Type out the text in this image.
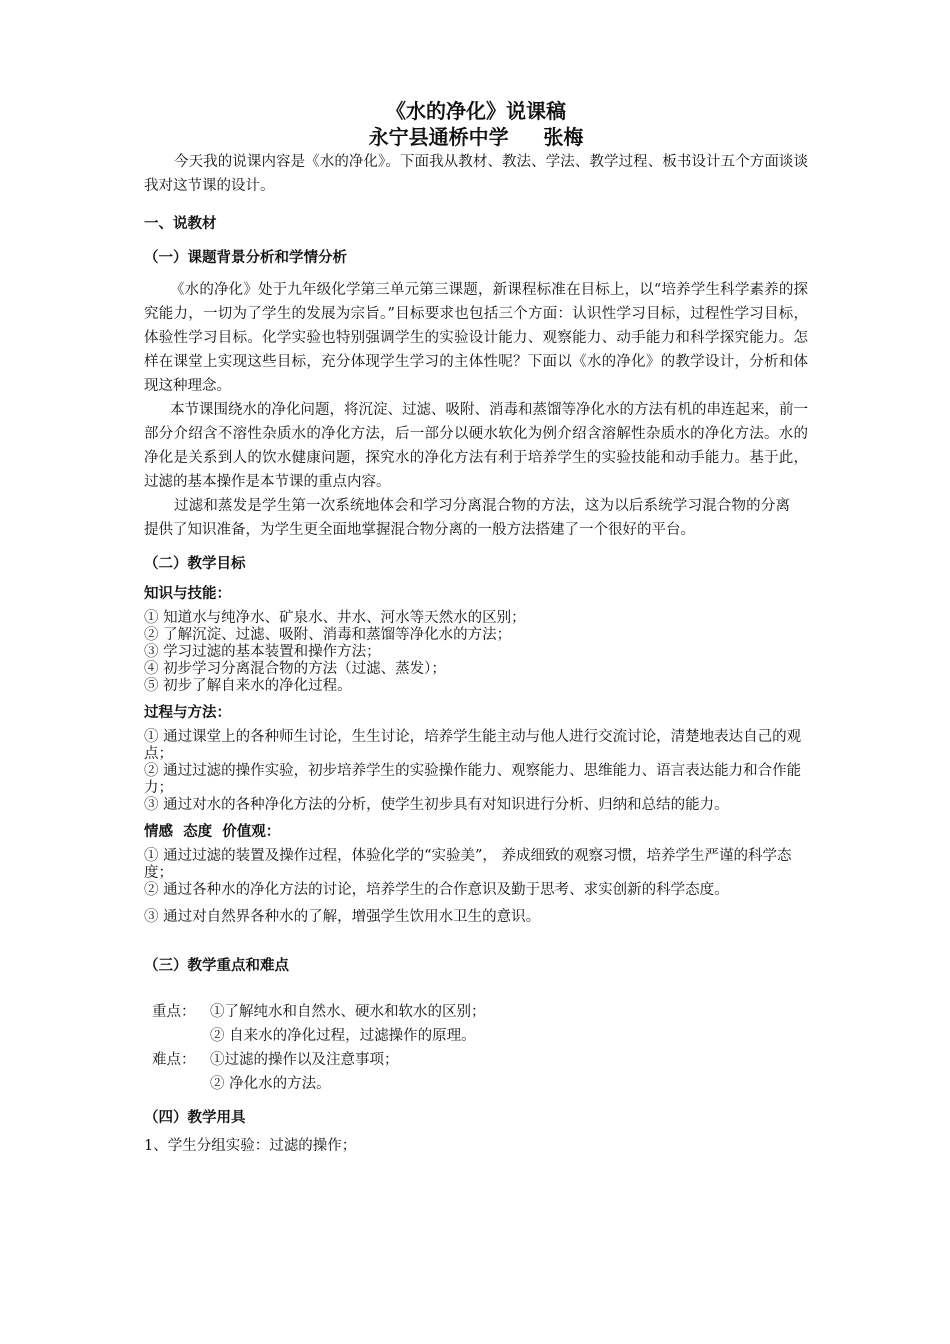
《水的净化》说课稿

永宁县通桥中学     张梅

今天我的说课内容是《水的净化》。下面我从教材、教法、学法、教学过程、板书设计五个方面谈谈我对这节课的设计。

一、说教材

（一）课题背景分析和学情分析

《水的净化》处于九年级化学第三单元第三课题，新课程标准在目标上，以“培养学生科学素养的探究能力，一切为了学生的发展为宗旨。”目标要求也包括三个方面：认识性学习目标，过程性学习目标，体验性学习目标。化学实验也特别强调学生的实验设计能力、观察能力、动手能力和科学探究能力。怎样在课堂上实现这些目标，充分体现学生学习的主体性呢？下面以《水的净化》的教学设计，分析和体现这种理念。

本节课围绕水的净化问题，将沉淀、过滤、吸附、消毒和蒸馏等净化水的方法有机的串连起来，前一部分介绍含不溶性杂质水的净化方法，后一部分以硬水软化为例介绍含溶解性杂质水的净化方法。水的净化是关系到人的饮水健康问题，探究水的净化方法有利于培养学生的实验技能和动手能力。基于此，过滤的基本操作是本节课的重点内容。

过滤和蒸发是学生第一次系统地体会和学习分离混合物的方法，这为以后系统学习混合物的分离提供了知识准备，为学生更全面地掌握混合物分离的一般方法搭建了一个很好的平台。

（二）教学目标

知识与技能：

① 知道水与纯净水、矿泉水、井水、河水等天然水的区别；
② 了解沉淀、过滤、吸附、消毒和蒸馏等净化水的方法；
③ 学习过滤的基本装置和操作方法；
④ 初步学习分离混合物的方法（过滤、蒸发）；
⑤ 初步了解自来水的净化过程。

过程与方法：

① 通过课堂上的各种师生讨论，生生讨论，培养学生能主动与他人进行交流讨论，清楚地表达自己的观点；
② 通过过滤的操作实验，初步培养学生的实验操作能力、观察能力、思维能力、语言表达能力和合作能力；
③ 通过对水的各种净化方法的分析，使学生初步具有对知识进行分析、归纳和总结的能力。

情感  态度  价值观：

① 通过过滤的装置及操作过程，体验化学的“实验美”， 养成细致的观察习惯，培养学生严谨的科学态度；
② 通过各种水的净化方法的讨论，培养学生的合作意识及勤于思考、求实创新的科学态度。
③ 通过对自然界各种水的了解，增强学生饮用水卫生的意识。

（三）教学重点和难点

重点：	①了解纯水和自然水、硬水和软水的区别；
② 自来水的净化过程，过滤操作的原理。
难点：	①过滤的操作以及注意事项；
② 净化水的方法。

（四）教学用具

1、学生分组实验：过滤的操作；
